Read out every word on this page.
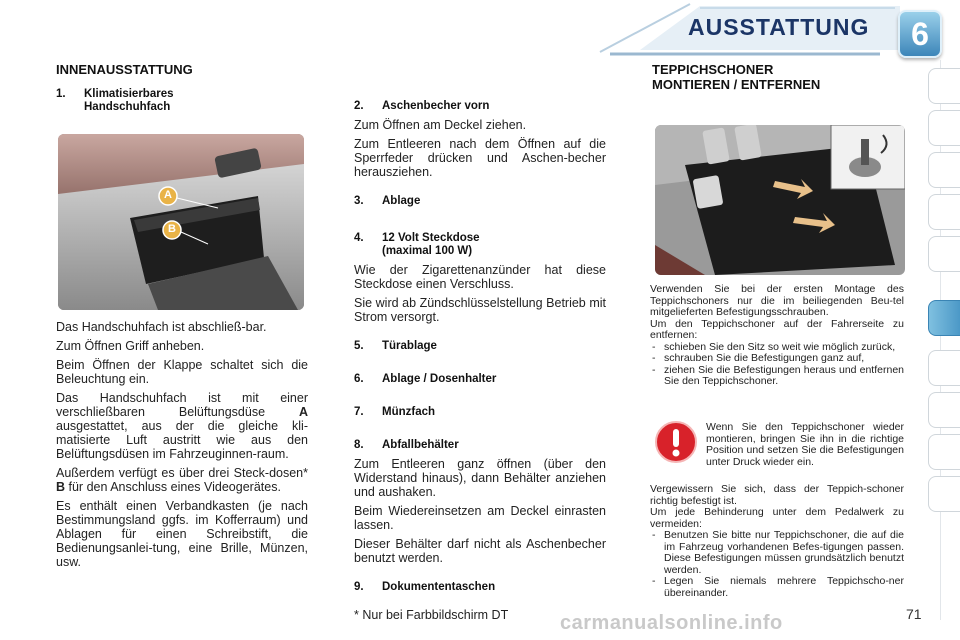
AUSSTATTUNG	6
INNENAUSSTATTUNG
1. Klimatisierbares
Handschuhfach
A
B

Das Handschuhfach ist abschließ-bar.

Zum Öffnen Griff anheben.

Beim Öffnen der Klappe schaltet sich die Beleuchtung ein.

Das Handschuhfach ist mit einer verschließbaren Belüftungsdüse A ausgestattet, aus der die gleiche kli-matisierte Luft austritt wie aus den Belüftungsdüsen im Fahrzeuginnen-raum.

Außerdem verfügt es über drei Steck-dosen* B für den Anschluss eines Videogerätes.

Es enthält einen Verbandkasten (je nach Bestimmungsland ggfs. im Kofferraum) und Ablagen für einen Schreibstift, die Bedienungsanlei-tung, eine Brille, Münzen, usw.

2. Aschenbecher vorn

Zum Öffnen am Deckel ziehen.

Zum Entleeren nach dem Öffnen auf die Sperrfeder drücken und Aschen-becher herausziehen.

3. Ablage
4. 12 Volt Steckdose
(maximal 100 W)

Wie der Zigarettenanzünder hat diese Steckdose einen Verschluss.

Sie wird ab Zündschlüsselstellung Betrieb mit Strom versorgt.

5. Türablage
6. Ablage / Dosenhalter
7. Münzfach
8. Abfallbehälter

Zum Entleeren ganz öffnen (über den Widerstand hinaus), dann Behälter anziehen und aushaken.

Beim Wiedereinsetzen am Deckel einrasten lassen.

Dieser Behälter darf nicht als Aschenbecher benutzt werden.

9. Dokumententaschen
* Nur bei Farbbildschirm DT
TEPPICHSCHONER
MONTIEREN / ENTFERNEN

Verwenden Sie bei der ersten Montage des Teppichschoners nur die im beiliegenden Beu-tel mitgelieferten Befestigungsschrauben.

Um den Teppichschoner auf der Fahrerseite zu entfernen:

- schieben Sie den Sitz so weit wie möglich zurück,
- schrauben Sie die Befestigungen ganz auf,
- ziehen Sie die Befestigungen heraus und entfernen Sie den Teppichschoner.
Wenn Sie den Teppichschoner wieder montieren, bringen Sie ihn in die richtige Position und setzen Sie die Befestigungen unter Druck wieder ein.

Vergewissern Sie sich, dass der Teppich-schoner richtig befestigt ist.

Um jede Behinderung unter dem Pedalwerk zu vermeiden:

- Benutzen Sie bitte nur Teppichschoner, die auf die im Fahrzeug vorhandenen Befes-tigungen passen. Diese Befestigungen müssen grundsätzlich benutzt werden.
- Legen Sie niemals mehrere Teppichscho-ner übereinander.
71
carmanualsonline.info
